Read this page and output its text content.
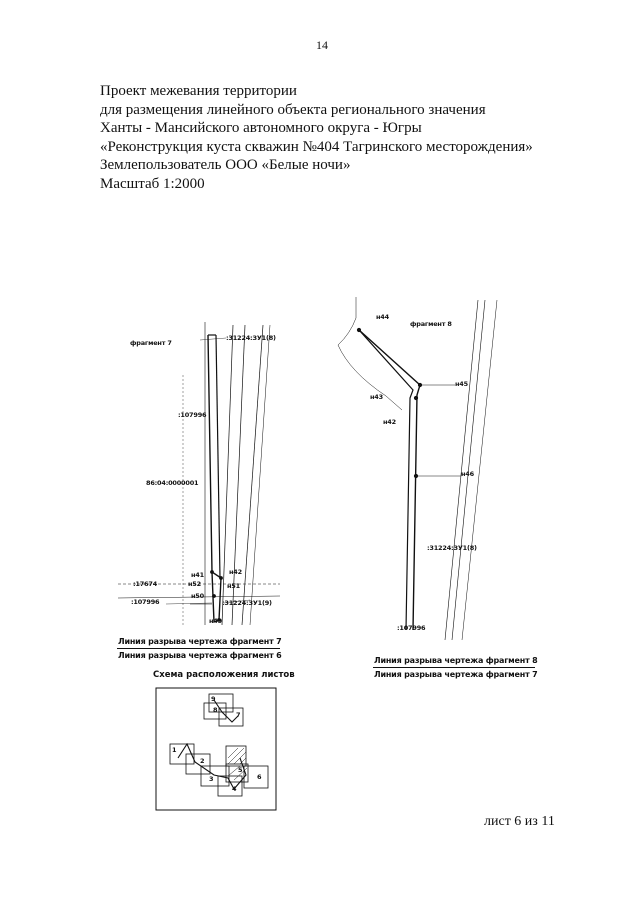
14
Проект межевания территории
для размещения линейного объекта регионального значения
Ханты - Мансийского автономного округа - Югры
«Реконструкция куста скважин №404 Тагринского месторождения»
Землепользователь ООО «Белые ночи»
Масштаб 1:2000
фрагмент 7
:31224:ЗУ1(8)
:107996
86:04:0000001
н41	н42
:17674	н52	н51
н50
:107996	:31224:ЗУ1(9)
н49
Линия разрыва чертежа фрагмент 7
Линия разрыва чертежа фрагмент 6
н44
фрагмент 8
н45
н43
н42
н46
:31224:ЗУ1(8)
:107996
Линия разрыва чертежа фрагмент 8
Линия разрыва чертежа фрагмент 7
Схема расположения листов
9
8
7
1
2
3
4
5
6
лист 6 из 11
